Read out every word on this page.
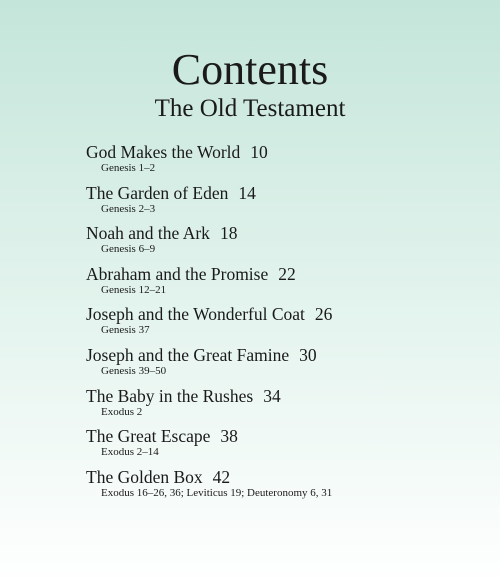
Contents
The Old Testament
God Makes the World 10
Genesis 1–2
The Garden of Eden 14
Genesis 2–3
Noah and the Ark 18
Genesis 6–9
Abraham and the Promise 22
Genesis 12–21
Joseph and the Wonderful Coat 26
Genesis 37
Joseph and the Great Famine 30
Genesis 39–50
The Baby in the Rushes 34
Exodus 2
The Great Escape 38
Exodus 2–14
The Golden Box 42
Exodus 16–26, 36; Leviticus 19; Deuteronomy 6, 31
